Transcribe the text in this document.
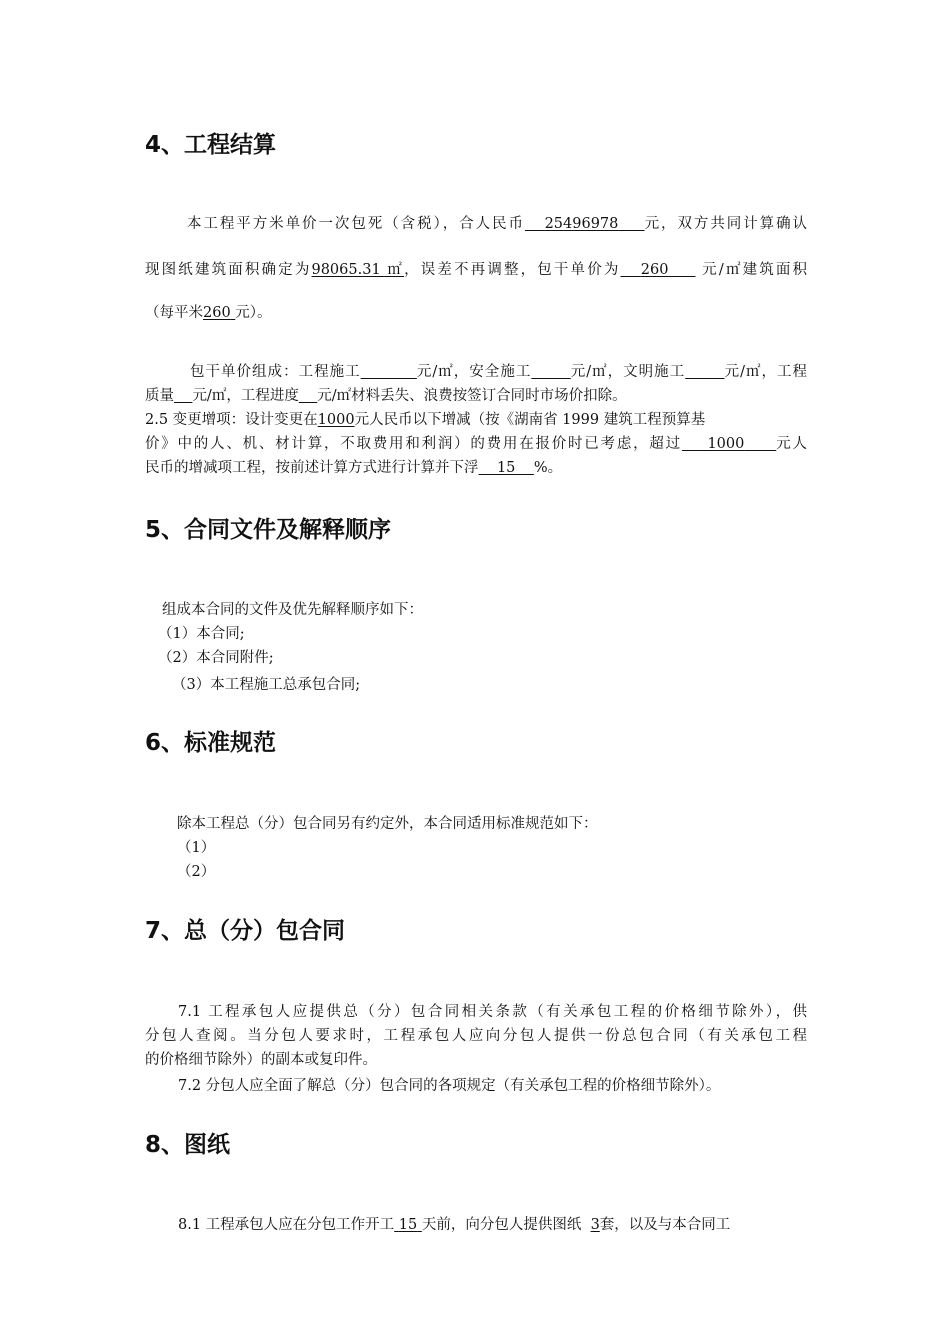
4、工程结算

本工程平方米单价一次包死（含税），合人民币 25496978 元，双方共同计算确认

现图纸建筑面积确定为98065.31 ㎡，误差不再调整，包干单价为 260 元/㎡建筑面积

（每平米260 元）。

包干单价组成：工程施工	元/㎡，安全施工	元/㎡，文明施工	元/㎡，工程

质量 元/㎡，工程进度 元/㎡材料丢失、浪费按签订合同时市场价扣除。

2.5 变更增项：设计变更在1000元人民币以下增减（按《湖南省 1999 建筑工程预算基

价》中的人、机、材计算，不取费用和利润）的费用在报价时已考虑，超过 1000 元人

民币的增减项工程，按前述计算方式进行计算并下浮 15 %。

5、合同文件及解释顺序

组成本合同的文件及优先解释顺序如下：

（1）本合同;

（2）本合同附件;

（3）本工程施工总承包合同;

6、标准规范

除本工程总（分）包合同另有约定外，本合同适用标准规范如下：

（1）

（2）

7、总（分）包合同

7.1 工程承包人应提供总（分）包合同相关条款（有关承包工程的价格细节除外），供

分包人查阅。当分包人要求时，工程承包人应向分包人提供一份总包合同（有关承包工程

的价格细节除外）的副本或复印件。

7.2 分包人应全面了解总（分）包合同的各项规定（有关承包工程的价格细节除外）。

8、图纸

8.1 工程承包人应在分包工作开工 15 天前，向分包人提供图纸 3套，以及与本合同工
